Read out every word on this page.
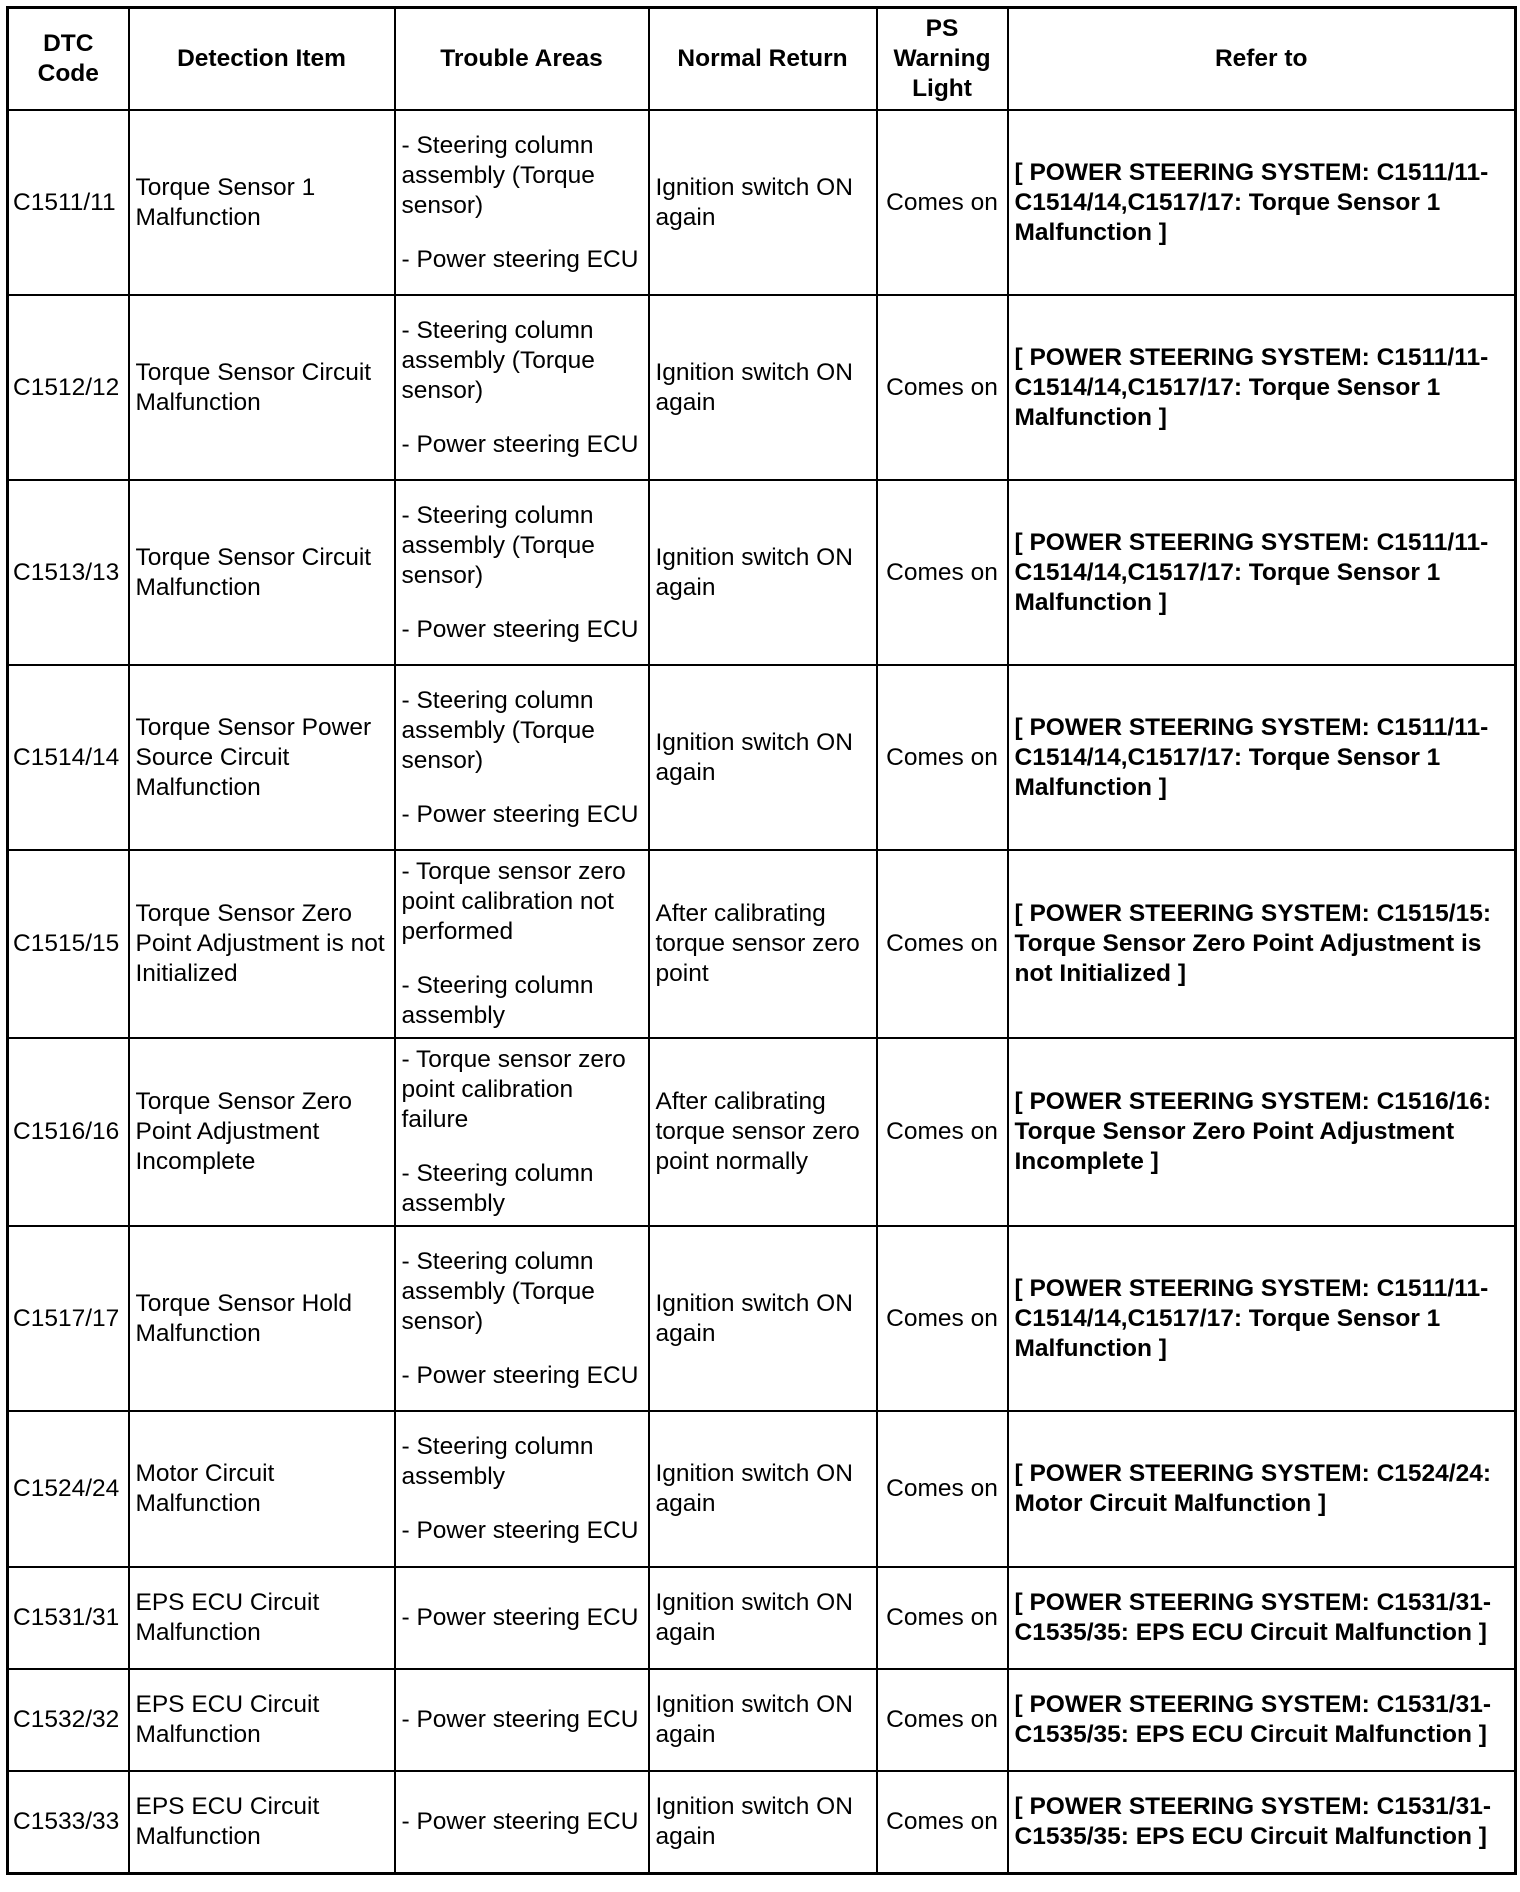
DTC Code	Detection Item	Trouble Areas	Normal Return	PS Warning Light	Refer to
C1511/11	Torque Sensor 1 Malfunction	- Steering column assembly (Torque sensor)
- Power steering ECU	Ignition switch ON again	Comes on	[ POWER STEERING SYSTEM: C1511/11-C1514/14,C1517/17: Torque Sensor 1 Malfunction ]
C1512/12	Torque Sensor Circuit Malfunction	- Steering column assembly (Torque sensor)
- Power steering ECU	Ignition switch ON again	Comes on	[ POWER STEERING SYSTEM: C1511/11-C1514/14,C1517/17: Torque Sensor 1 Malfunction ]
C1513/13	Torque Sensor Circuit Malfunction	- Steering column assembly (Torque sensor)
- Power steering ECU	Ignition switch ON again	Comes on	[ POWER STEERING SYSTEM: C1511/11-C1514/14,C1517/17: Torque Sensor 1 Malfunction ]
C1514/14	Torque Sensor Power Source Circuit Malfunction	- Steering column assembly (Torque sensor)
- Power steering ECU	Ignition switch ON again	Comes on	[ POWER STEERING SYSTEM: C1511/11-C1514/14,C1517/17: Torque Sensor 1 Malfunction ]
C1515/15	Torque Sensor Zero Point Adjustment is not Initialized	- Torque sensor zero point calibration not performed
- Steering column assembly	After calibrating torque sensor zero point	Comes on	[ POWER STEERING SYSTEM: C1515/15: Torque Sensor Zero Point Adjustment is not Initialized ]
C1516/16	Torque Sensor Zero Point Adjustment Incomplete	- Torque sensor zero point calibration failure
- Steering column assembly	After calibrating torque sensor zero point normally	Comes on	[ POWER STEERING SYSTEM: C1516/16: Torque Sensor Zero Point Adjustment Incomplete ]
C1517/17	Torque Sensor Hold Malfunction	- Steering column assembly (Torque sensor)
- Power steering ECU	Ignition switch ON again	Comes on	[ POWER STEERING SYSTEM: C1511/11-C1514/14,C1517/17: Torque Sensor 1 Malfunction ]
C1524/24	Motor Circuit Malfunction	- Steering column assembly
- Power steering ECU	Ignition switch ON again	Comes on	[ POWER STEERING SYSTEM: C1524/24: Motor Circuit Malfunction ]
C1531/31	EPS ECU Circuit Malfunction	- Power steering ECU	Ignition switch ON again	Comes on	[ POWER STEERING SYSTEM: C1531/31-C1535/35: EPS ECU Circuit Malfunction ]
C1532/32	EPS ECU Circuit Malfunction	- Power steering ECU	Ignition switch ON again	Comes on	[ POWER STEERING SYSTEM: C1531/31-C1535/35: EPS ECU Circuit Malfunction ]
C1533/33	EPS ECU Circuit Malfunction	- Power steering ECU	Ignition switch ON again	Comes on	[ POWER STEERING SYSTEM: C1531/31-C1535/35: EPS ECU Circuit Malfunction ]
